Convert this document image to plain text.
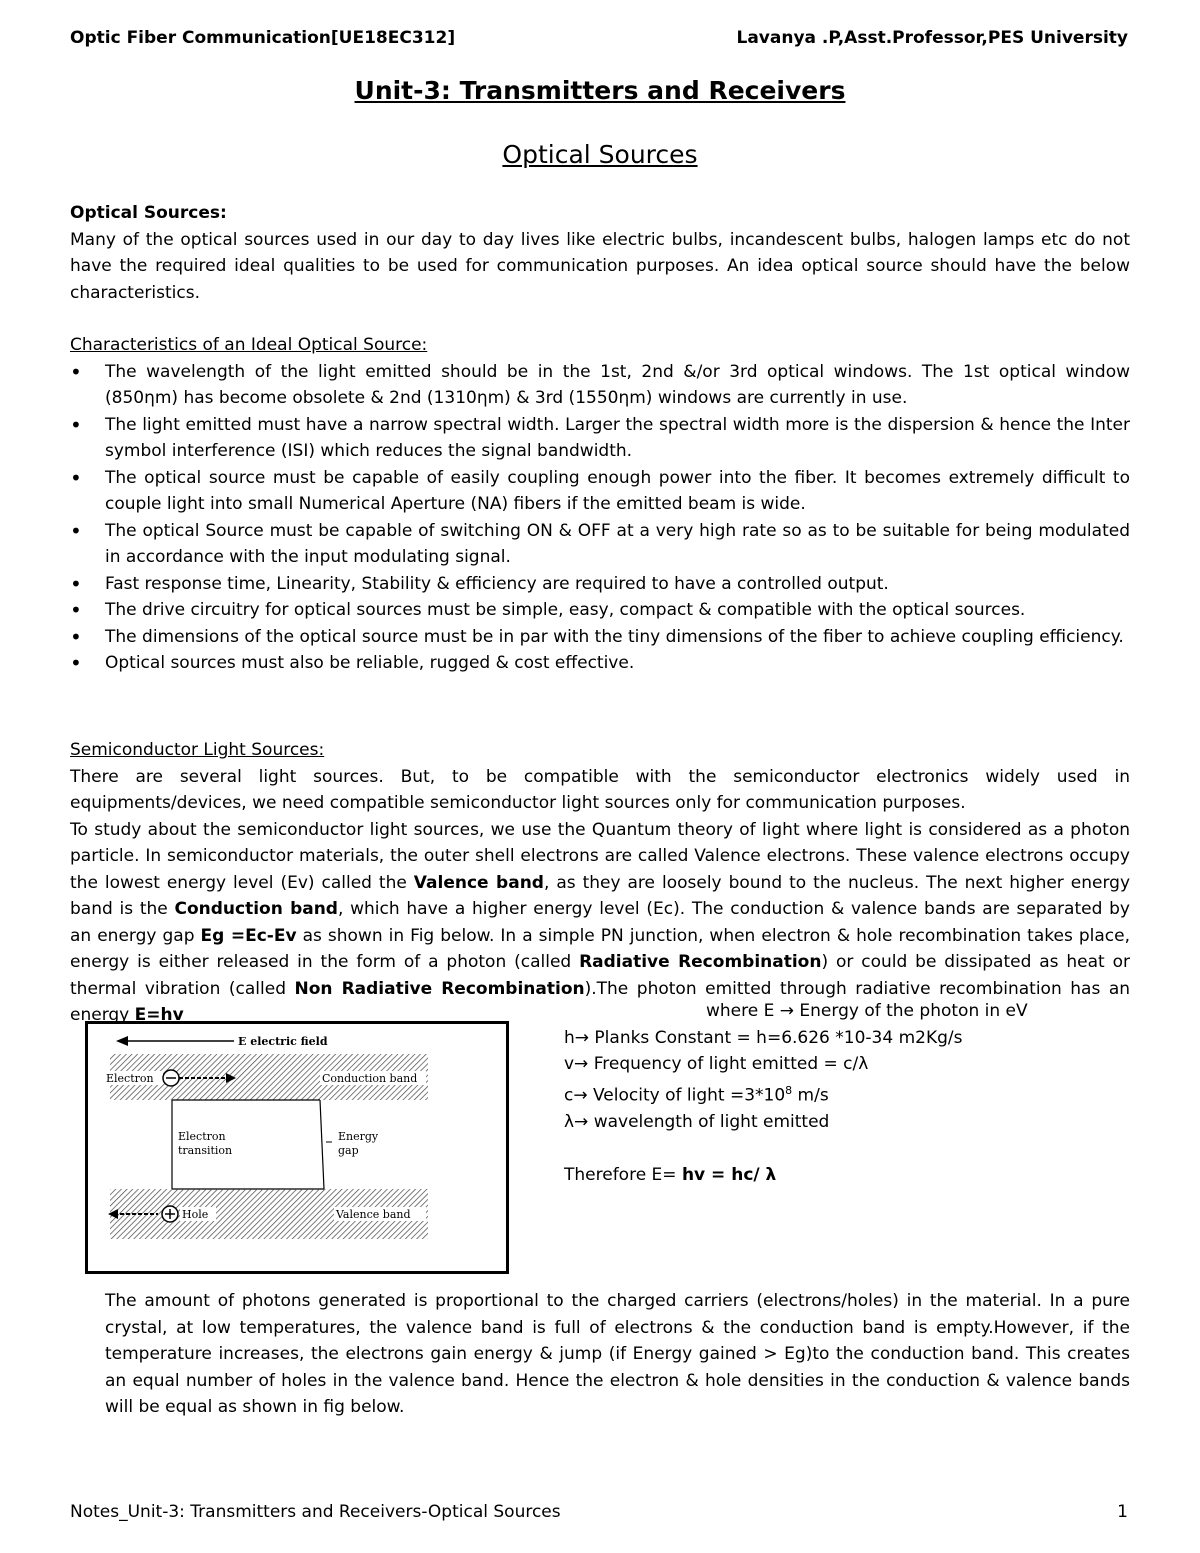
Optic Fiber Communication[UE18EC312]	Lavanya .P,Asst.Professor,PES University
Unit-3: Transmitters and Receivers
Optical Sources

Optical Sources:

Many of the optical sources used in our day to day lives like electric bulbs, incandescent bulbs, halogen lamps etc do not have the required ideal qualities to be used for communication purposes. An idea optical source should have the below characteristics.

Characteristics of an Ideal Optical Source:

• The wavelength of the light emitted should be in the 1st, 2nd &/or 3rd optical windows. The 1st optical window (850ηm) has become obsolete & 2nd (1310ηm) & 3rd (1550ηm) windows are currently in use.
• The light emitted must have a narrow spectral width. Larger the spectral width more is the dispersion & hence the Inter symbol interference (ISI) which reduces the signal bandwidth.
• The optical source must be capable of easily coupling enough power into the fiber. It becomes extremely difficult to couple light into small Numerical Aperture (NA) fibers if the emitted beam is wide.
• The optical Source must be capable of switching ON & OFF at a very high rate so as to be suitable for being modulated in accordance with the input modulating signal.
• Fast response time, Linearity, Stability & efficiency are required to have a controlled output.
• The drive circuitry for optical sources must be simple, easy, compact & compatible with the optical sources.
• The dimensions of the optical source must be in par with the tiny dimensions of the fiber to achieve coupling efficiency.
• Optical sources must also be reliable, rugged & cost effective.

Semiconductor Light Sources:

There are several light sources. But, to be compatible with the semiconductor electronics widely used in equipments/devices, we need compatible semiconductor light sources only for communication purposes.

To study about the semiconductor light sources, we use the Quantum theory of light where light is considered as a photon particle. In semiconductor materials, the outer shell electrons are called Valence electrons. These valence electrons occupy the lowest energy level (Ev) called the Valence band, as they are loosely bound to the nucleus. The next higher energy band is the Conduction band, which have a higher energy level (Ec). The conduction & valence bands are separated by an energy gap Eg =Ec-Ev as shown in Fig below. In a simple PN junction, when electron & hole recombination takes place, energy is either released in the form of a photon (called Radiative Recombination) or could be dissipated as heat or thermal vibration (called Non Radiative Recombination).The photon emitted through radiative recombination has an energy E=hv	where E → Energy of the photon in eV
h→ Planks Constant = h=6.626 *10-34 m2Kg/s
v→ Frequency of light emitted = c/λ
c→ Velocity of light $=3*10^8$ m/s
λ→ wavelength of light emitted
Therefore E= hv = hc/ λ
E electric field
Electron	Conduction band
Electron
transition
Energy
gap
Hole	Valence band

The amount of photons generated is proportional to the charged carriers (electrons/holes) in the material. In a pure crystal, at low temperatures, the valence band is full of electrons & the conduction band is empty.However, if the temperature increases, the electrons gain energy & jump (if Energy gained > Eg)to the conduction band. This creates an equal number of holes in the valence band. Hence the electron & hole densities in the conduction & valence bands will be equal as shown in fig below.

Notes_Unit-3: Transmitters and Receivers-Optical Sources	1
